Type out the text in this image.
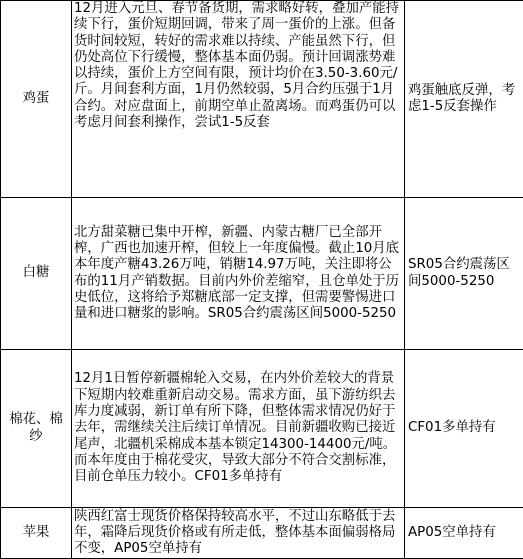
鸡蛋	12月进入元旦、春节备货期，需求略好转，叠加产能持续下行，蛋价短期回调，带来了周一蛋价的上涨。但备货时间较短，转好的需求难以持续、产能虽然下行，但仍处高位下行缓慢，整体基本面仍弱。预计回调涨势难以持续，蛋价上方空间有限，预计均价在3.50-3.60元/斤。月间套利方面，1月仍然较弱，5月合约压强于1月合约。对应盘面上，前期空单止盈离场。而鸡蛋仍可以考虑月间套利操作，尝试1-5反套	鸡蛋触底反弹，考虑1-5反套操作
白糖	北方甜菜糖已集中开榨，新疆、内蒙古糖厂已全部开榨，广西也加速开榨，但较上一年度偏慢。截止10月底本年度产糖43.26万吨，销糖14.97万吨，关注即将公布的11月产销数据。目前内外价差缩窄，且仓单处于历史低位，这将给予郑糖底部一定支撑，但需要警惕进口量和进口糖浆的影响。SR05合约震荡区间5000-5250	SR05合约震荡区间5000-5250
棉花、棉纱	12月1日暂停新疆棉轮入交易，在内外价差较大的背景下短期内较难重新启动交易。需求方面，虽下游纺织去库力度减弱，新订单有所下降，但整体需求情况仍好于去年，需继续关注后续订单情况。目前新疆收购已接近尾声，北疆机采棉成本基本锁定14300-14400元/吨。而本年度由于棉花受灾，导致大部分不符合交割标准，目前仓单压力较小。CF01多单持有	CF01多单持有
苹果	陕西红富士现货价格保持较高水平，不过山东略低于去年，霜降后现货价格或有所走低，整体基本面偏弱格局不变，AP05空单持有	AP05空单持有
